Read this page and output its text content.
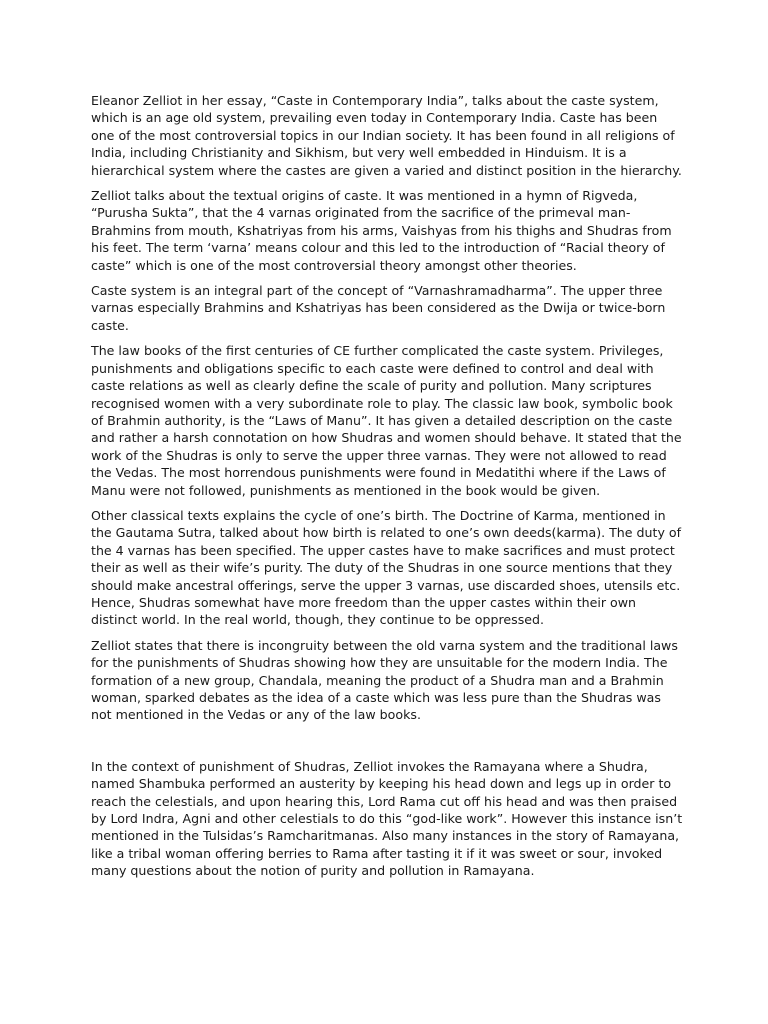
Eleanor Zelliot in her essay, “Caste in Contemporary India”, talks about the caste system, which is an age old system, prevailing even today in Contemporary India. Caste has been one of the most controversial topics in our Indian society. It has been found in all religions of India, including Christianity and Sikhism, but very well embedded in Hinduism. It is a hierarchical system where the castes are given a varied and distinct position in the hierarchy.

Zelliot talks about the textual origins of caste. It was mentioned in a hymn of Rigveda, “Purusha Sukta”, that the 4 varnas originated from the sacrifice of the primeval man- Brahmins from mouth, Kshatriyas from his arms, Vaishyas from his thighs and Shudras from his feet. The term ‘varna’ means colour and this led to the introduction of “Racial theory of caste” which is one of the most controversial theory amongst other theories.

Caste system is an integral part of the concept of “Varnashramadharma”. The upper three varnas especially Brahmins and Kshatriyas has been considered as the Dwija or twice-born caste.

The law books of the first centuries of CE further complicated the caste system. Privileges, punishments and obligations specific to each caste were defined to control and deal with caste relations as well as clearly define the scale of purity and pollution. Many scriptures recognised women with a very subordinate role to play. The classic law book, symbolic book of Brahmin authority, is the “Laws of Manu”. It has given a detailed description on the caste and rather a harsh connotation on how Shudras and women should behave. It stated that the work of the Shudras is only to serve the upper three varnas. They were not allowed to read the Vedas. The most horrendous punishments were found in Medatithi where if the Laws of Manu were not followed, punishments as mentioned in the book would be given.

Other classical texts explains the cycle of one’s birth. The Doctrine of Karma, mentioned in the Gautama Sutra, talked about how birth is related to one’s own deeds(karma). The duty of the 4 varnas has been specified. The upper castes have to make sacrifices and must protect their as well as their wife’s purity. The duty of the Shudras in one source mentions that they should make ancestral offerings, serve the upper 3 varnas, use discarded shoes, utensils etc. Hence, Shudras somewhat have more freedom than the upper castes within their own distinct world. In the real world, though, they continue to be oppressed.

Zelliot states that there is incongruity between the old varna system and the traditional laws for the punishments of Shudras showing how they are unsuitable for the modern India. The formation of a new group, Chandala, meaning the product of a Shudra man and a Brahmin woman, sparked debates as the idea of a caste which was less pure than the Shudras was not mentioned in the Vedas or any of the law books.

In the context of punishment of Shudras, Zelliot invokes the Ramayana where a Shudra, named Shambuka performed an austerity by keeping his head down and legs up in order to reach the celestials, and upon hearing this, Lord Rama cut off his head and was then praised by Lord Indra, Agni and other celestials to do this “god-like work”. However this instance isn’t mentioned in the Tulsidas’s Ramcharitmanas. Also many instances in the story of Ramayana, like a tribal woman offering berries to Rama after tasting it if it was sweet or sour, invoked many questions about the notion of purity and pollution in Ramayana.
